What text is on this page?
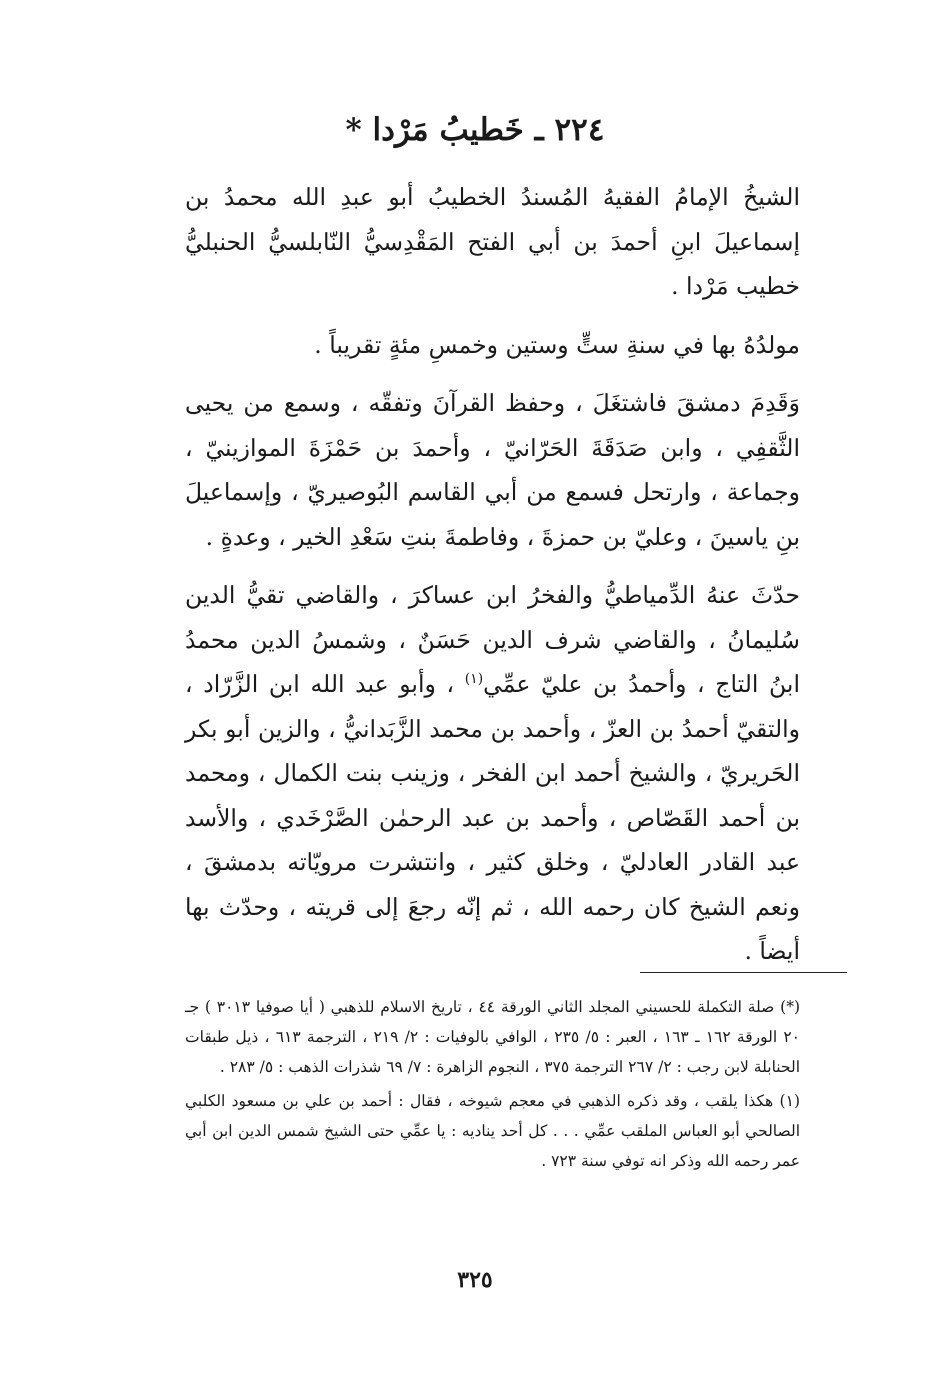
٢٢٤ ـ خَطيبُ مَرْدا *

الشيخُ الإمامُ الفقيهُ المُسندُ الخطيبُ أبو عبدِ الله محمدُ بن إسماعيلَ ابنِ أحمدَ بن أبي الفتح المَقْدِسيُّ النّابلسيُّ الحنبليُّ خطيب مَرْدا .

مولدُهُ بها في سنةِ ستٍّ وستين وخمسِ مئةٍ تقريباً .

وَقَدِمَ دمشقَ فاشتغَلَ ، وحفظ القرآنَ وتفقّه ، وسمع من يحيى الثَّقفِي ، وابن صَدَقَةَ الحَرّانيّ ، وأحمدَ بن حَمْزَةَ الموازينيّ ، وجماعة ، وارتحل فسمع من أبي القاسم البُوصيريّ ، وإسماعيلَ بنِ ياسينَ ، وعليّ بن حمزةَ ، وفاطمةَ بنتِ سَعْدِ الخير ، وعدةٍ .

حدّثَ عنهُ الدِّمياطيُّ والفخرُ ابن عساكرَ ، والقاضي تقيُّ الدين سُليمانُ ، والقاضي شرف الدين حَسَنٌ ، وشمسُ الدين محمدُ ابنُ التاج ، وأحمدُ بن عليّ عمِّي$^{(١)}$ ، وأبو عبد الله ابن الزَّرّاد ، والتقيّ أحمدُ بن العزّ ، وأحمد بن محمد الزَّبَدانيُّ ، والزين أبو بكر الحَريريّ ، والشيخ أحمد ابن الفخر ، وزينب بنت الكمال ، ومحمد بن أحمد القَصّاص ، وأحمد بن عبد الرحمٰن الصَّرْخَدي ، والأسد عبد القادر العادليّ ، وخلق كثير ، وانتشرت مرويّاته بدمشقَ ، ونعم الشيخ كان رحمه الله ، ثم إنّه رجعَ إلى قريته ، وحدّث بها أيضاً .

(*) صلة التكملة للحسيني المجلد الثاني الورقة ٤٤ ، تاريخ الاسلام للذهبي ( أيا صوفيا ٣٠١٣ ) جـ ٢٠ الورقة ١٦٢ ـ ١٦٣ ، العبر : ٥/ ٢٣٥ ، الوافي بالوفيات : ٢/ ٢١٩ ، الترجمة ٦١٣ ، ذيل طبقات الحنابلة لابن رجب : ٢/ ٢٦٧ الترجمة ٣٧٥ ، النجوم الزاهرة : ٧/ ٦٩ شذرات الذهب : ٥/ ٢٨٣ .

(١) هكذا يلقب ، وقد ذكره الذهبي في معجم شيوخه ، فقال : أحمد بن علي بن مسعود الكلبي الصالحي أبو العباس الملقب عمِّي . . . كل أحد يناديه : يا عمِّي حتى الشيخ شمس الدين ابن أبي عمر رحمه الله وذكر انه توفي سنة ٧٢٣ .

٣٢٥
